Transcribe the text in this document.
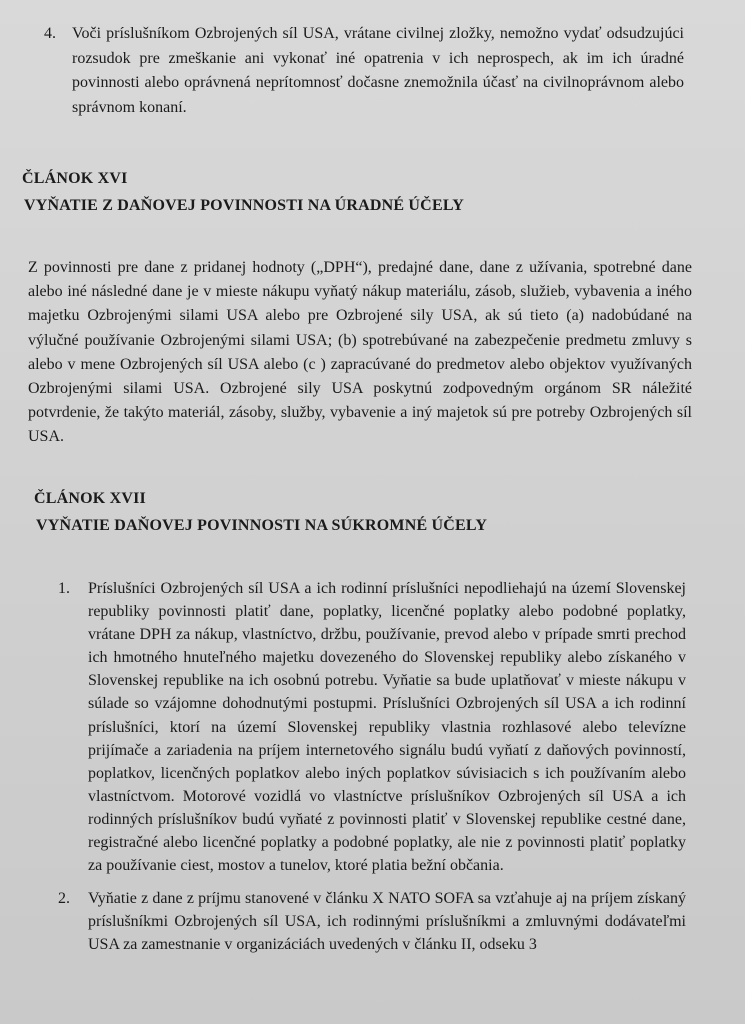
4. Voči príslušníkom Ozbrojených síl USA, vrátane civilnej zložky, nemožno vydať odsudzujúci rozsudok pre zmeškanie ani vykonať iné opatrenia v ich neprospech, ak im ich úradné povinnosti alebo oprávnená neprítomnosť dočasne znemožnila účasť na civilnoprávnom alebo správnom konaní.
ČLÁNOK XVI
VYŇATIE Z DAŇOVEJ POVINNOSTI NA ÚRADNÉ ÚČELY
Z povinnosti pre dane z pridanej hodnoty („DPH“), predajné dane, dane z užívania, spotrebné dane alebo iné následné dane je v mieste nákupu vyňatý nákup materiálu, zásob, služieb, vybavenia a iného majetku Ozbrojenými silami USA alebo pre Ozbrojené sily USA, ak sú tieto (a) nadobúdané na výlučné používanie Ozbrojenými silami USA; (b) spotrebúvané na zabezpečenie predmetu zmluvy s alebo v mene Ozbrojených síl USA alebo (c ) zapracúvané do predmetov alebo objektov využívaných Ozbrojenými silami USA. Ozbrojené sily USA poskytnú zodpovedným orgánom SR náležité potvrdenie, že takýto materiál, zásoby, služby, vybavenie a iný majetok sú pre potreby Ozbrojených síl USA.
ČLÁNOK XVII
VYŇATIE DAŇOVEJ POVINNOSTI NA SÚKROMNÉ ÚČELY
1. Príslušníci Ozbrojených síl USA a ich rodinní príslušníci nepodliehajú na území Slovenskej republiky povinnosti platiť dane, poplatky, licenčné poplatky alebo podobné poplatky, vrátane DPH za nákup, vlastníctvo, držbu, používanie, prevod alebo v prípade smrti prechod ich hmotného hnuteľného majetku dovezeného do Slovenskej republiky alebo získaného v Slovenskej republike na ich osobnú potrebu. Vyňatie sa bude uplatňovať v mieste nákupu v súlade so vzájomne dohodnutými postupmi. Príslušníci Ozbrojených síl USA a ich rodinní príslušníci, ktorí na území Slovenskej republiky vlastnia rozhlasové alebo televízne prijímače a zariadenia na príjem internetového signálu budú vyňatí z daňových povinností, poplatkov, licenčných poplatkov alebo iných poplatkov súvisiacich s ich používaním alebo vlastníctvom. Motorové vozidlá vo vlastníctve príslušníkov Ozbrojených síl USA a ich rodinných príslušníkov budú vyňaté z povinnosti platiť v Slovenskej republike cestné dane, registračné alebo licenčné poplatky a podobné poplatky, ale nie z povinnosti platiť poplatky za používanie ciest, mostov a tunelov, ktoré platia bežní občania.
2. Vyňatie z dane z príjmu stanovené v článku X NATO SOFA sa vzťahuje aj na príjem získaný príslušníkmi Ozbrojených síl USA, ich rodinnými príslušníkmi a zmluvnými dodávateľmi USA za zamestnanie v organizáciách uvedených v článku II, odseku 3
